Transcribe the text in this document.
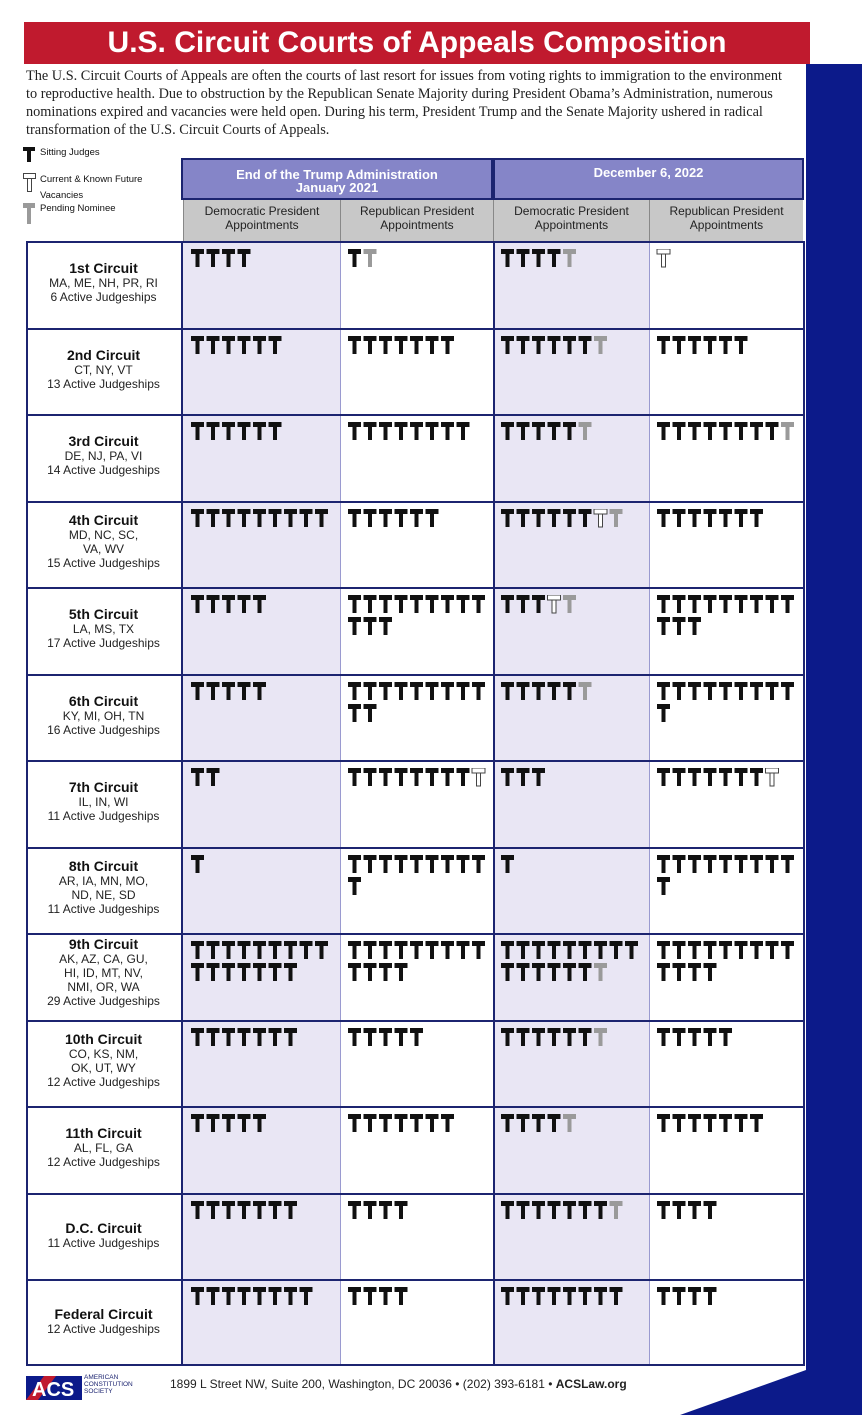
U.S. Circuit Courts of Appeals Composition
The U.S. Circuit Courts of Appeals are often the courts of last resort for issues from voting rights to immigration to the environment to reproductive health. Due to obstruction by the Republican Senate Majority during President Obama’s Administration, numerous nominations expired and vacancies were held open. During his term, President Trump and the Senate Majority ushered in radical transformation of the U.S. Circuit Courts of Appeals.
Sitting Judges
Current & Known Future Vacancies
Pending Nominee
End of the Trump Administration
January 2021
December 6, 2022
Democratic President Appointments
Republican President Appointments
Democratic President Appointments
Republican President Appointments
1st Circuit
MA, ME, NH, PR, RI
6 Active Judgeships
2nd Circuit
CT, NY, VT
13 Active Judgeships
3rd Circuit
DE, NJ, PA, VI
14 Active Judgeships
4th Circuit
MD, NC, SC,
VA, WV
15 Active Judgeships
5th Circuit
LA, MS, TX
17 Active Judgeships
6th Circuit
KY, MI, OH, TN
16 Active Judgeships
7th Circuit
IL, IN, WI
11 Active Judgeships
8th Circuit
AR, IA, MN, MO,
ND, NE, SD
11 Active Judgeships
9th Circuit
AK, AZ, CA, GU,
HI, ID, MT, NV,
NMI, OR, WA
29 Active Judgeships
10th Circuit
CO, KS, NM,
OK, UT, WY
12 Active Judgeships
11th Circuit
AL, FL, GA
12 Active Judgeships
D.C. Circuit
11 Active Judgeships
Federal Circuit
12 Active Judgeships
ACS
AMERICAN
CONSTITUTION
SOCIETY
1899 L Street NW, Suite 200, Washington, DC 20036 • (202) 393-6181 • ACSLaw.org
